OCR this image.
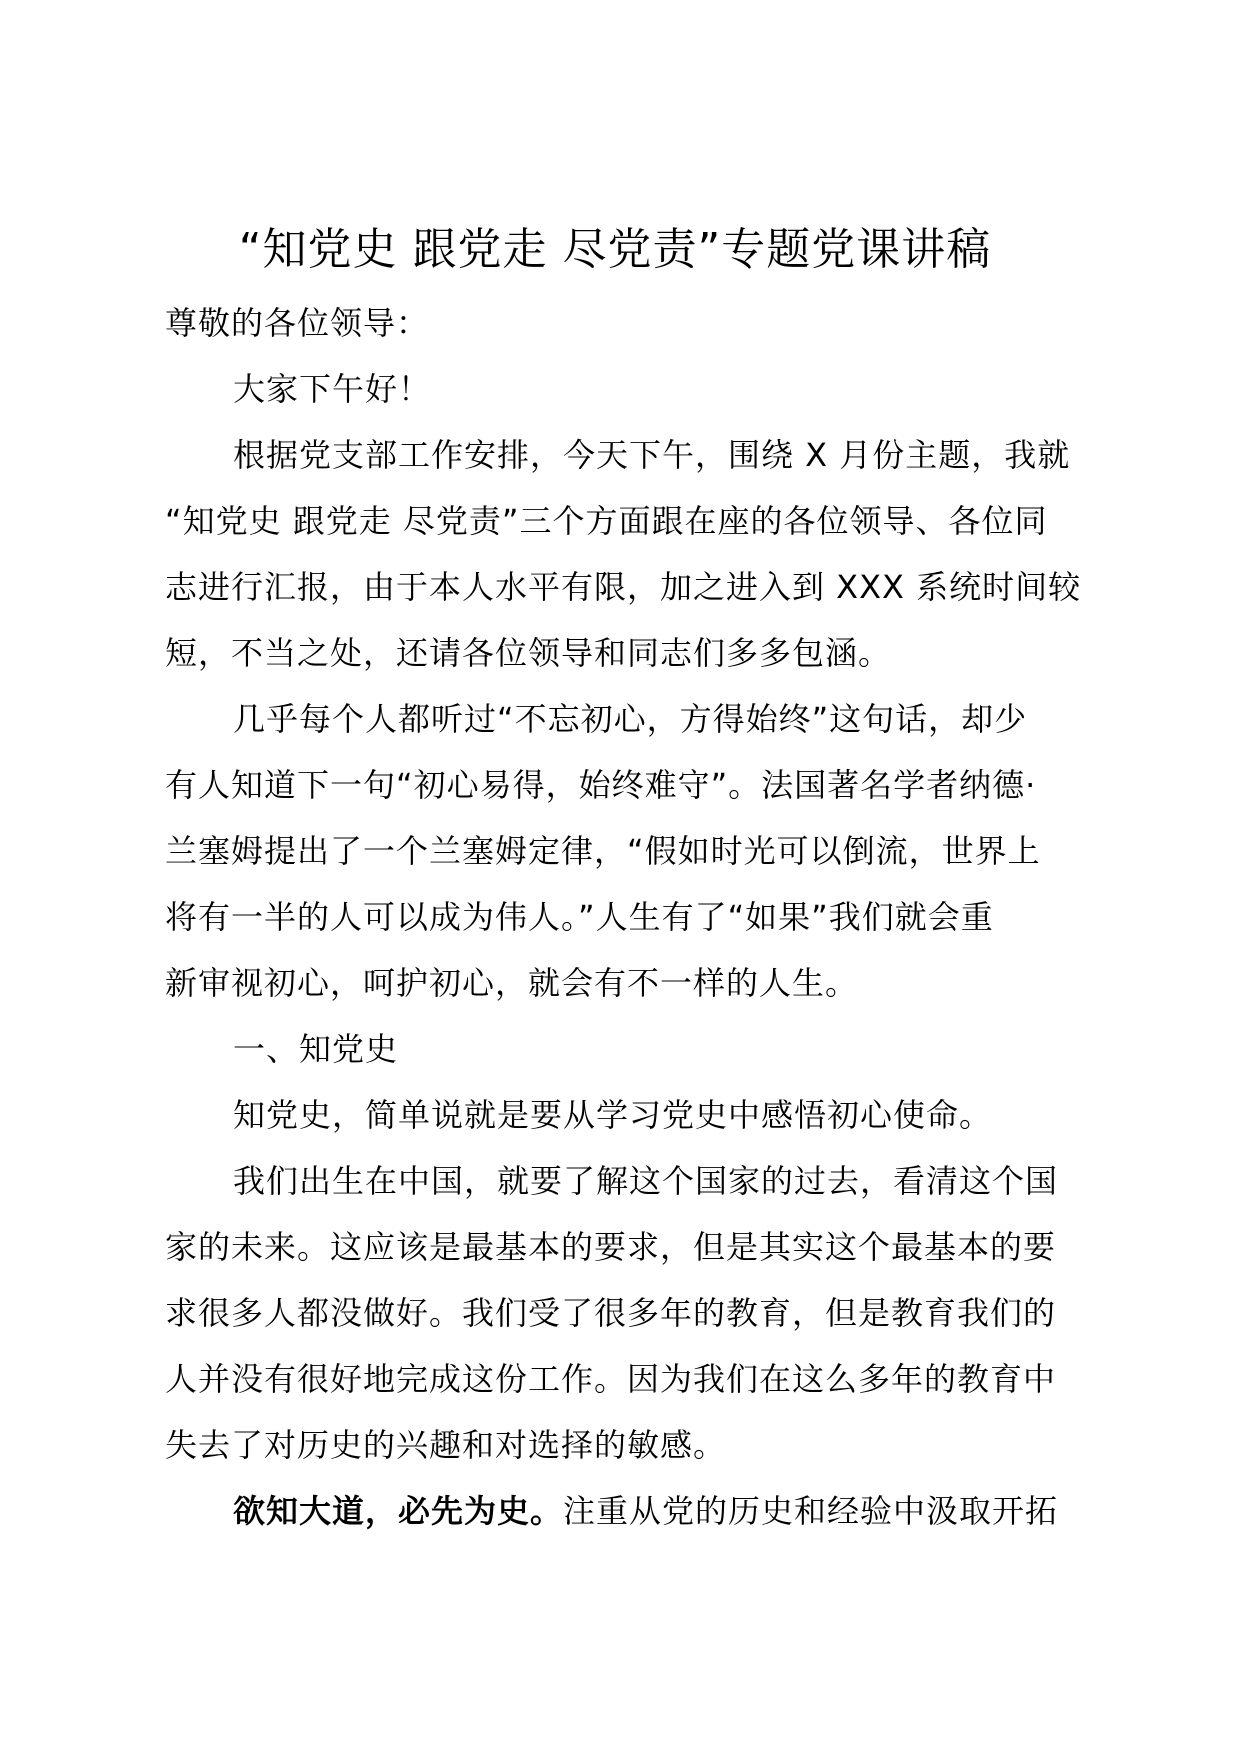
“知党史 跟党走 尽党责”专题党课讲稿

尊敬的各位领导：

大家下午好！

根据党支部工作安排，今天下午，围绕 X 月份主题，我就

“知党史 跟党走 尽党责”三个方面跟在座的各位领导、各位同

志进行汇报，由于本人水平有限，加之进入到 XXX 系统时间较

短，不当之处，还请各位领导和同志们多多包涵。

几乎每个人都听过“不忘初心，方得始终”这句话，却少

有人知道下一句“初心易得，始终难守”。法国著名学者纳德·

兰塞姆提出了一个兰塞姆定律，“假如时光可以倒流，世界上

将有一半的人可以成为伟人。”人生有了“如果”我们就会重

新审视初心，呵护初心，就会有不一样的人生。

一、知党史

知党史，简单说就是要从学习党史中感悟初心使命。

我们出生在中国，就要了解这个国家的过去，看清这个国

家的未来。这应该是最基本的要求，但是其实这个最基本的要

求很多人都没做好。我们受了很多年的教育，但是教育我们的

人并没有很好地完成这份工作。因为我们在这么多年的教育中

失去了对历史的兴趣和对选择的敏感。

欲知大道，必先为史。注重从党的历史和经验中汲取开拓
